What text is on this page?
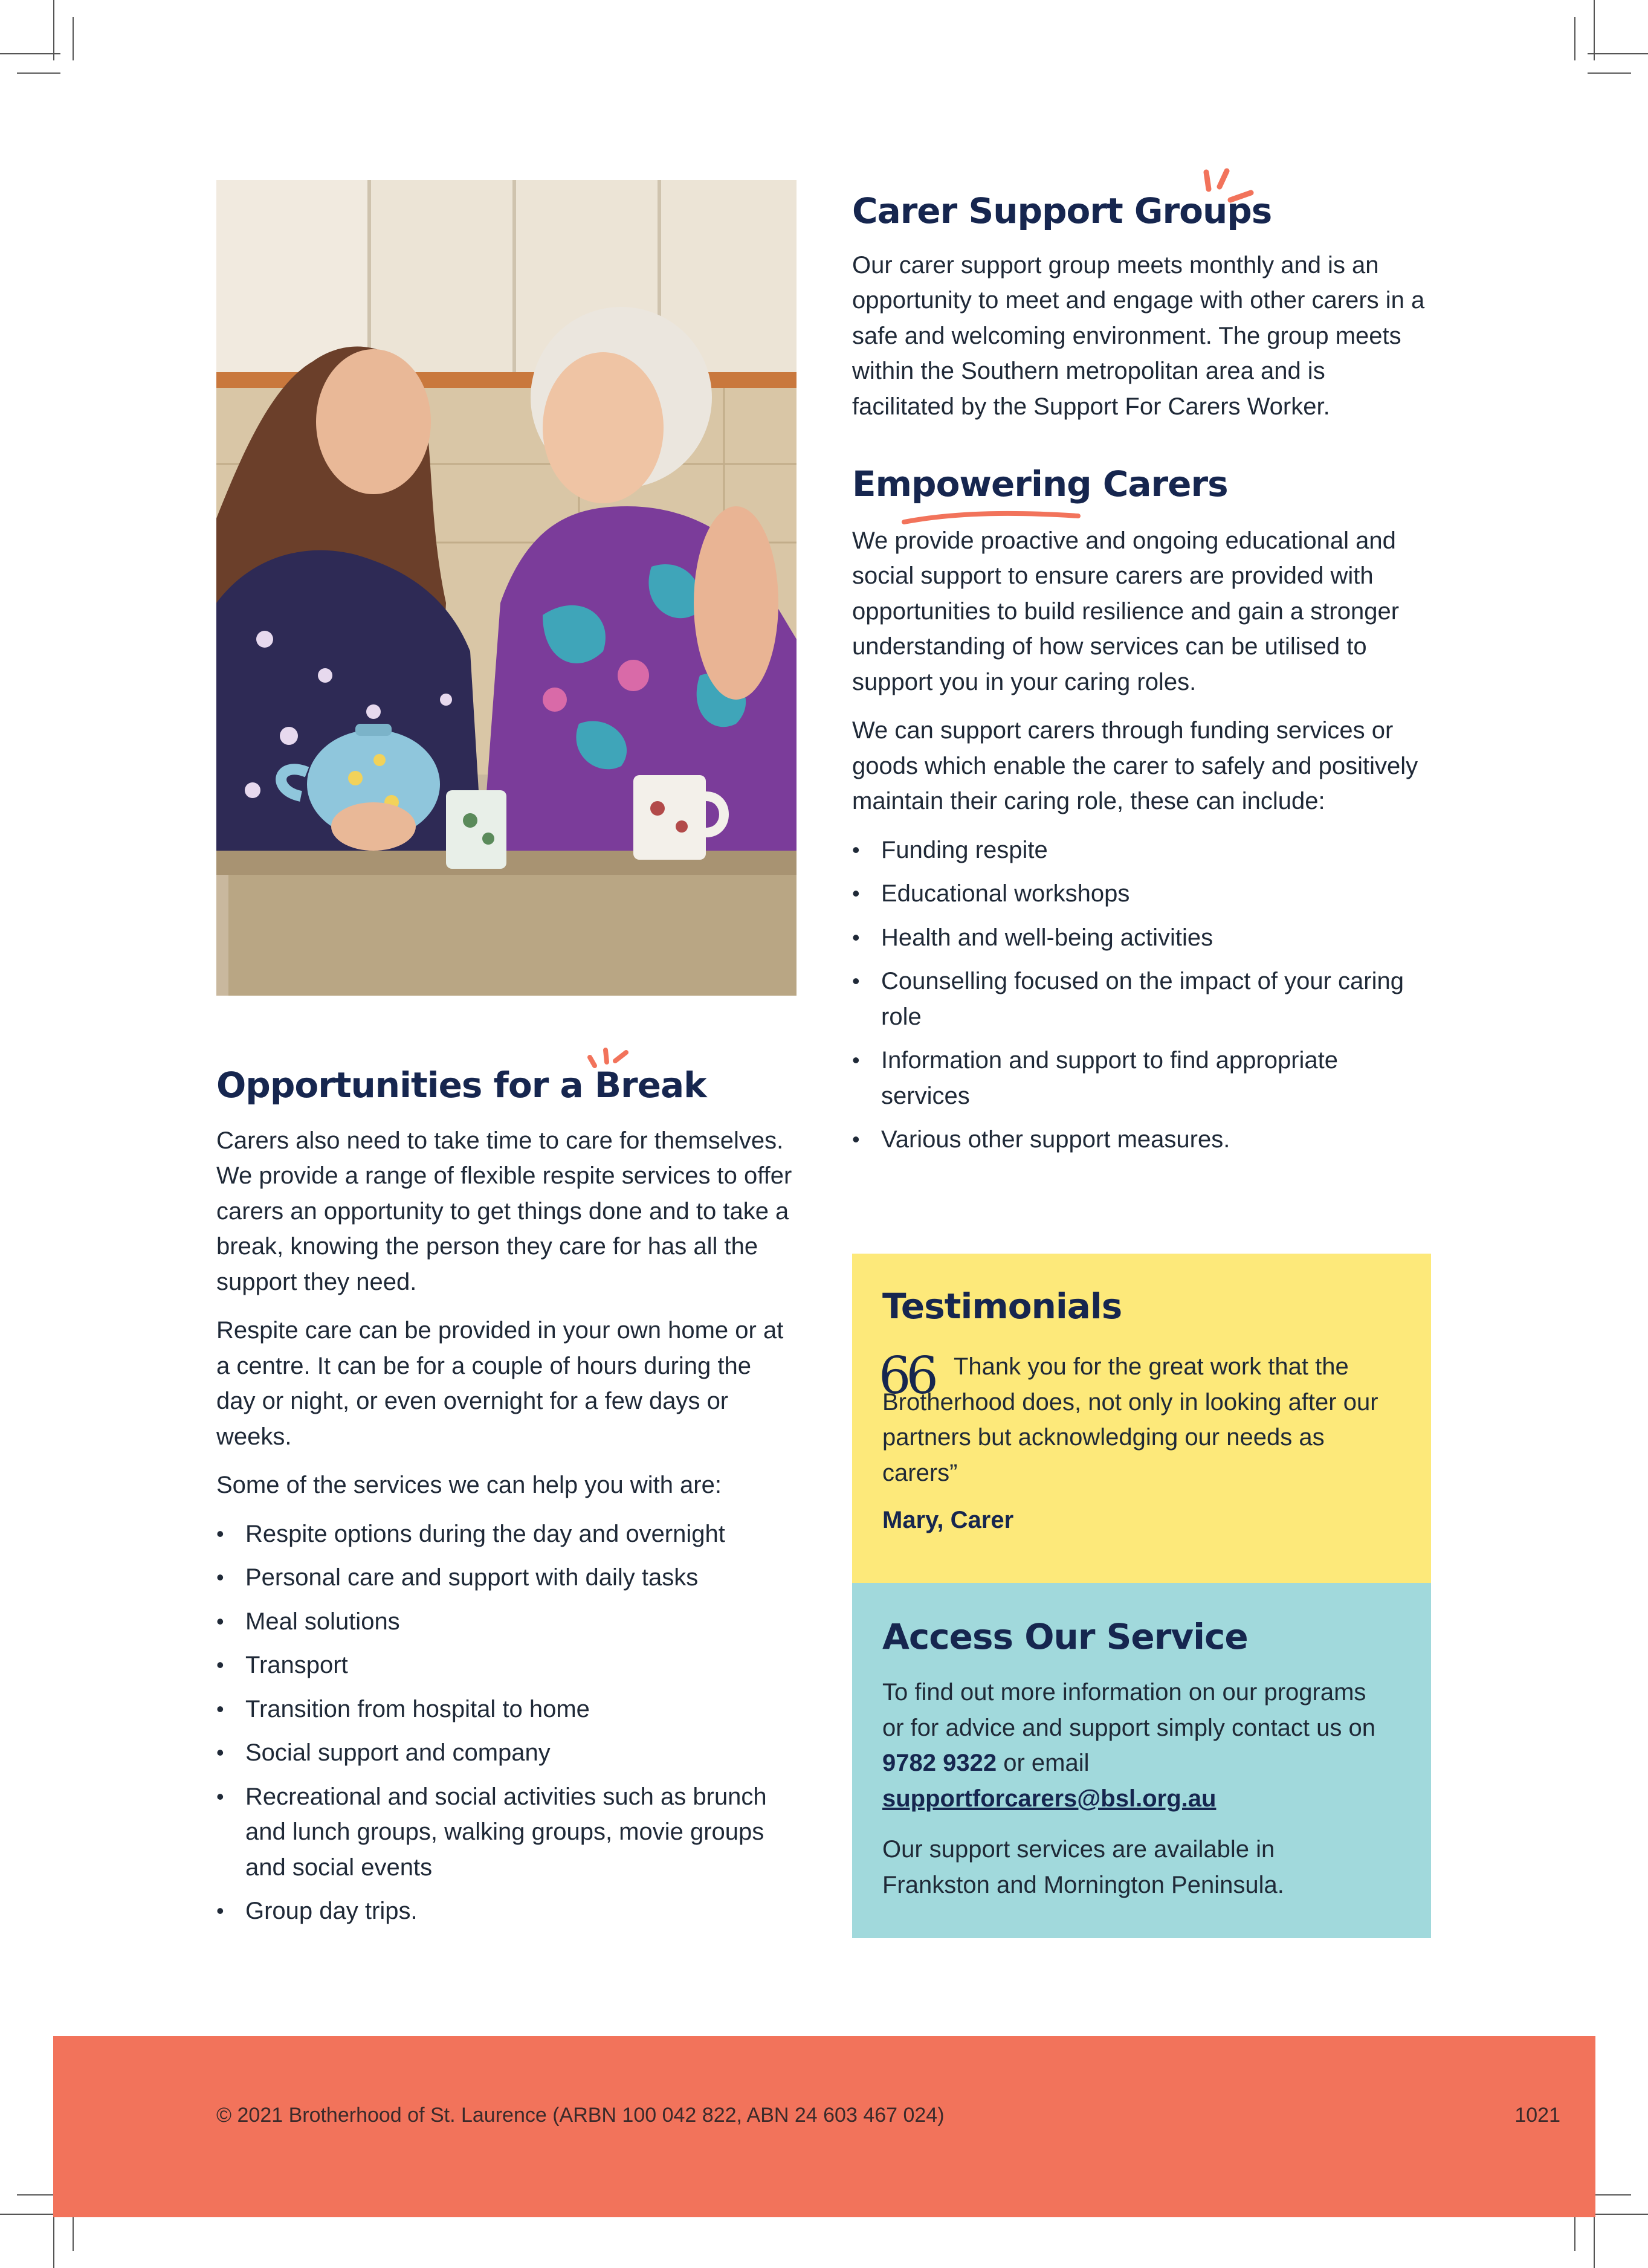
Carer Support Groups

Our carer support group meets monthly and is an opportunity to meet and engage with other carers in a safe and welcoming environment. The group meets within the Southern metropolitan area and is facilitated by the Support For Carers Worker.

Empowering Carers

We provide proactive and ongoing educational and social support to ensure carers are provided with opportunities to build resilience and gain a stronger understanding of how services can be utilised to support you in your caring roles.

We can support carers through funding services or goods which enable the carer to safely and positively maintain their caring role, these can include:

• Funding respite
• Educational workshops
• Health and well-being activities
• Counselling focused on the impact of your caring role
• Information and support to find appropriate services
• Various other support measures.
Opportunities for a Break

Carers also need to take time to care for themselves. We provide a range of flexible respite services to offer carers an opportunity to get things done and to take a break, knowing the person they care for has all the support they need.

Respite care can be provided in your own home or at a centre. It can be for a couple of hours during the day or night, or even overnight for a few days or weeks.

Some of the services we can help you with are:

• Respite options during the day and overnight
• Personal care and support with daily tasks
• Meal solutions
• Transport
• Transition from hospital to home
• Social support and company
• Recreational and social activities such as brunch and lunch groups, walking groups, movie groups and social events
• Group day trips.
Testimonials
66 Thank you for the great work that the Brotherhood does, not only in looking after our partners but acknowledging our needs as carers”

Mary, Carer

Access Our Service

To find out more information on our programs or for advice and support simply contact us on 9782 9322 or email
supportforcarers@bsl.org.au

Our support services are available in Frankston and Mornington Peninsula.

© 2021 Brotherhood of St. Laurence (ARBN 100 042 822, ABN 24 603 467 024)	1021
